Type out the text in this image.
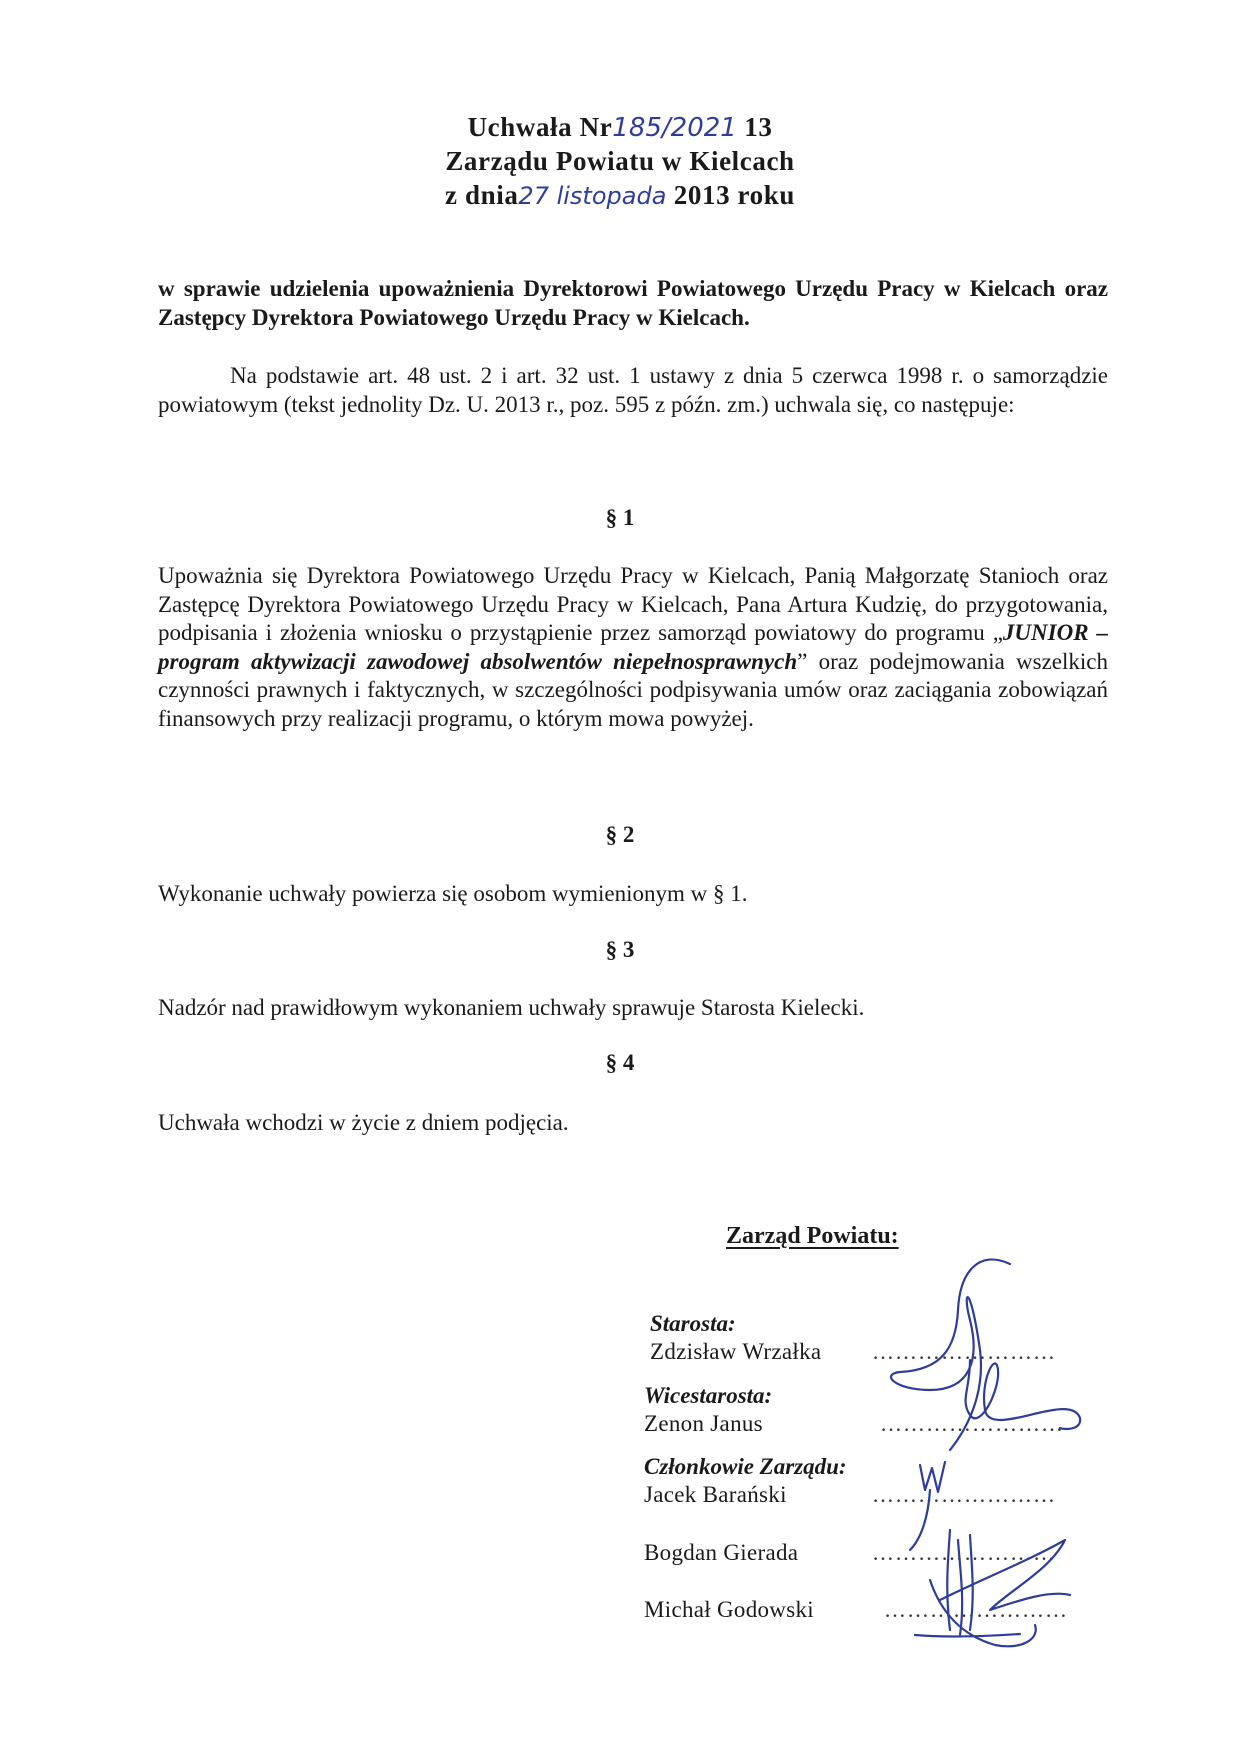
Uchwała Nr185/2021 13
Zarządu Powiatu w Kielcach
z dnia27 listopada 2013 roku
w sprawie udzielenia upoważnienia Dyrektorowi Powiatowego Urzędu Pracy w Kielcach oraz Zastępcy Dyrektora Powiatowego Urzędu Pracy w Kielcach.
Na podstawie art. 48 ust. 2 i art. 32 ust. 1 ustawy z dnia 5 czerwca 1998 r. o samorządzie powiatowym (tekst jednolity Dz. U. 2013 r., poz. 595 z późn. zm.) uchwala się, co następuje:
§ 1
Upoważnia się Dyrektora Powiatowego Urzędu Pracy w Kielcach, Panią Małgorzatę Stanioch oraz Zastępcę Dyrektora Powiatowego Urzędu Pracy w Kielcach, Pana Artura Kudzię, do przygotowania, podpisania i złożenia wniosku o przystąpienie przez samorząd powiatowy do programu „JUNIOR – program aktywizacji zawodowej absolwentów niepełnosprawnych” oraz podejmowania wszelkich czynności prawnych i faktycznych, w szczególności podpisywania umów oraz zaciągania zobowiązań finansowych przy realizacji programu, o którym mowa powyżej.
§ 2
Wykonanie uchwały powierza się osobom wymienionym w § 1.
§ 3
Nadzór nad prawidłowym wykonaniem uchwały sprawuje Starosta Kielecki.
§ 4
Uchwała wchodzi w życie z dniem podjęcia.
Zarząd Powiatu:
Starosta:
Zdzisław Wrzałka ……………………
Wicestarosta:
Zenon Janus	……………………
Członkowie Zarządu:
Jacek Barański	……………………
Bogdan Gierada	……………………
Michał Godowski	……………………
